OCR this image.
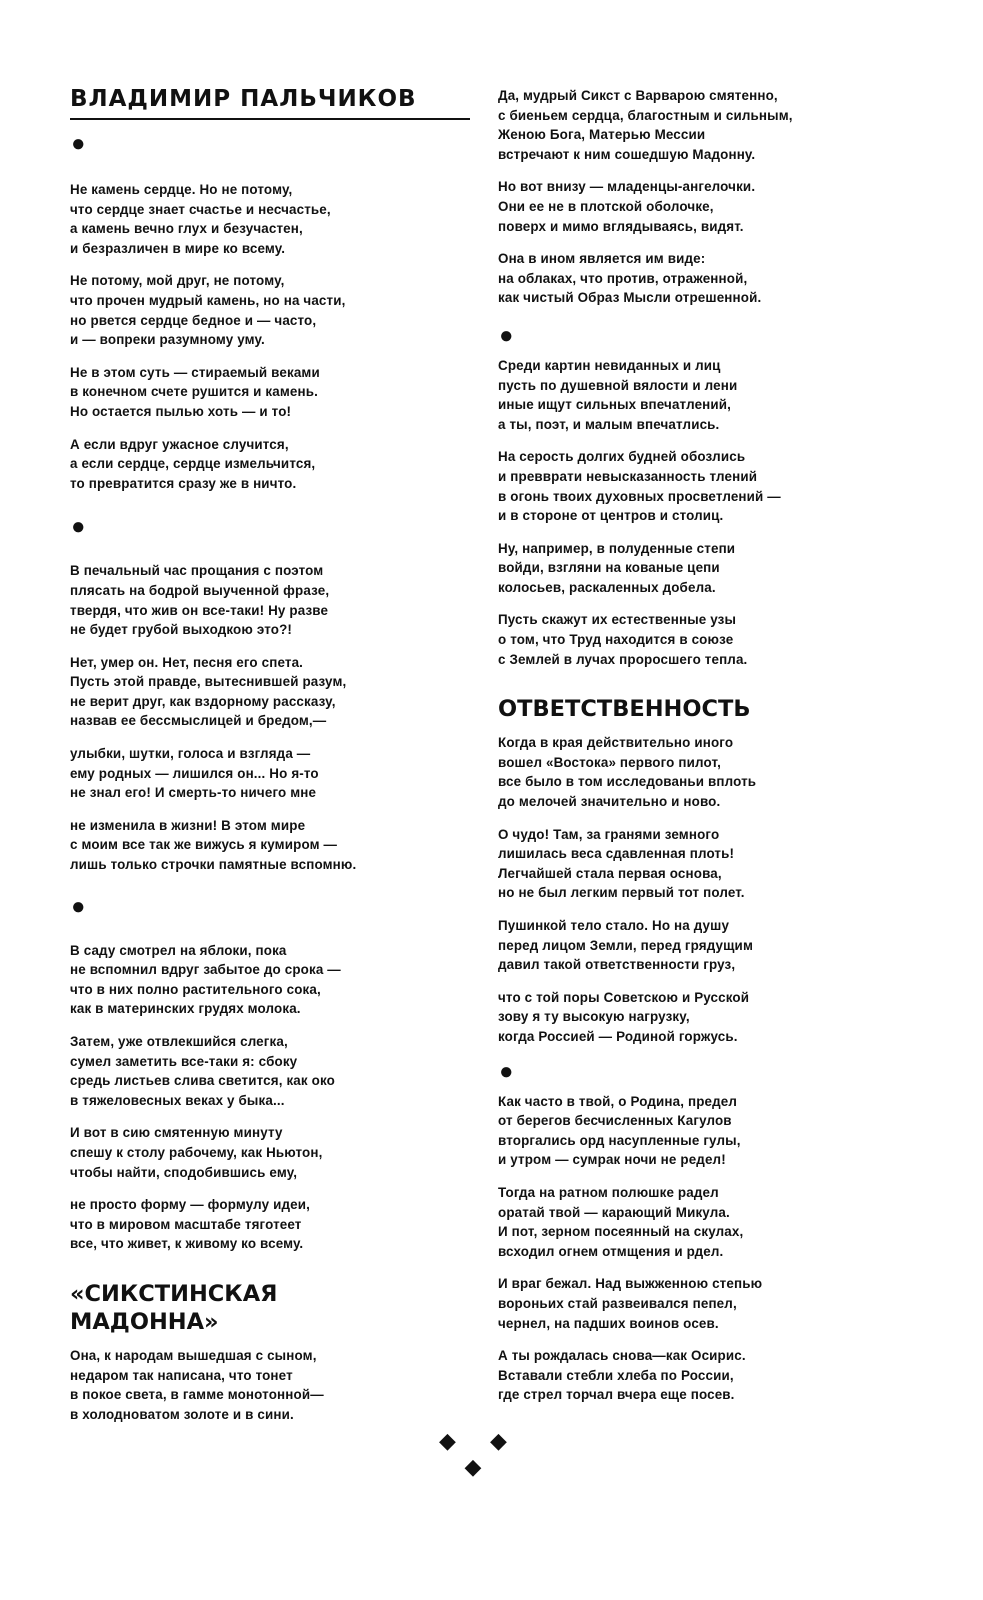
ВЛАДИМИР ПАЛЬЧИКОВ
●
Не камень сердце. Но не потому,
что сердце знает счастье и несчастье,
а камень вечно глух и безучастен,
и безразличен в мире ко всему.
Не потому, мой друг, не потому,
что прочен мудрый камень, но на части,
но рвется сердце бедное и — часто,
и — вопреки разумному уму.
Не в этом суть — стираемый веками
в конечном счете рушится и камень.
Но остается пылью хоть — и то!
А если вдруг ужасное случится,
а если сердце, сердце измельчится,
то превратится сразу же в ничто.
●
В печальный час прощания с поэтом
плясать на бодрой выученной фразе,
твердя, что жив он все-таки! Ну разве
не будет грубой выходкою это?!
Нет, умер он. Нет, песня его спета.
Пусть этой правде, вытеснившей разум,
не верит друг, как вздорному рассказу,
назвав ее бессмыслицей и бредом,—
улыбки, шутки, голоса и взгляда —
ему родных — лишился он... Но я-то
не знал его! И смерть-то ничего мне
не изменила в жизни! В этом мире
с моим все так же вижусь я кумиром —
лишь только строчки памятные вспомню.
●
В саду смотрел на яблоки, пока
не вспомнил вдруг забытое до срока —
что в них полно растительного сока,
как в материнских грудях молока.
Затем, уже отвлекшийся слегка,
сумел заметить все-таки я: сбоку
средь листьев слива светится, как око
в тяжеловесных веках у быка...
И вот в сию смятенную минуту
спешу к столу рабочему, как Ньютон,
чтобы найти, сподобившись ему,
не просто форму — формулу идеи,
что в мировом масштабе тяготеет
все, что живет, к живому ко всему.
«СИКСТИНСКАЯ
МАДОННА»
Она, к народам вышедшая с сыном,
недаром так написана, что тонет
в покое света, в гамме монотонной—
в холодноватом золоте и в сини.
Да, мудрый Сикст с Варварою смятенно,
с биеньем сердца, благостным и сильным,
Женою Бога, Матерью Мессии
встречают к ним сошедшую Мадонну.
Но вот внизу — младенцы-ангелочки.
Они ее не в плотской оболочке,
поверх и мимо вглядываясь, видят.
Она в ином является им виде:
на облаках, что против, отраженной,
как чистый Образ Мысли отрешенной.
●
Среди картин невиданных и лиц
пусть по душевной вялости и лени
иные ищут сильных впечатлений,
а ты, поэт, и малым впечатлись.
На серость долгих будней обозлись
и превврати невысказанность тлений
в огонь твоих духовных просветлений —
и в стороне от центров и столиц.
Ну, например, в полуденные степи
войди, взгляни на кованые цепи
колосьев, раскаленных добела.
Пусть скажут их естественные узы
о том, что Труд находится в союзе
с Землей в лучах проросшего тепла.
ОТВЕТСТВЕННОСТЬ
Когда в края действительно иного
вошел «Востока» первого пилот,
все было в том исследованьи вплоть
до мелочей значительно и ново.
О чудо! Там, за гранями земного
лишилась веса сдавленная плоть!
Легчайшей стала первая основа,
но не был легким первый тот полет.
Пушинкой тело стало. Но на душу
перед лицом Земли, перед грядущим
давил такой ответственности груз,
что с той поры Советскою и Русской
зову я ту высокую нагрузку,
когда Россией — Родиной горжусь.
●
Как часто в твой, о Родина, предел
от берегов бесчисленных Кагулов
вторгались орд насупленные гулы,
и утром — сумрак ночи не редел!
Тогда на ратном полюшке радел
оратай твой — карающий Микула.
И пот, зерном посеянный на скулах,
всходил огнем отмщения и рдел.
И враг бежал. Над выжженною степью
вороньих стай развеивался пепел,
чернел, на падших воинов осев.
А ты рождалась снова—как Осирис.
Вставали стебли хлеба по России,
где стрел торчал вчера еще посев.
◆ ◆ ◆
